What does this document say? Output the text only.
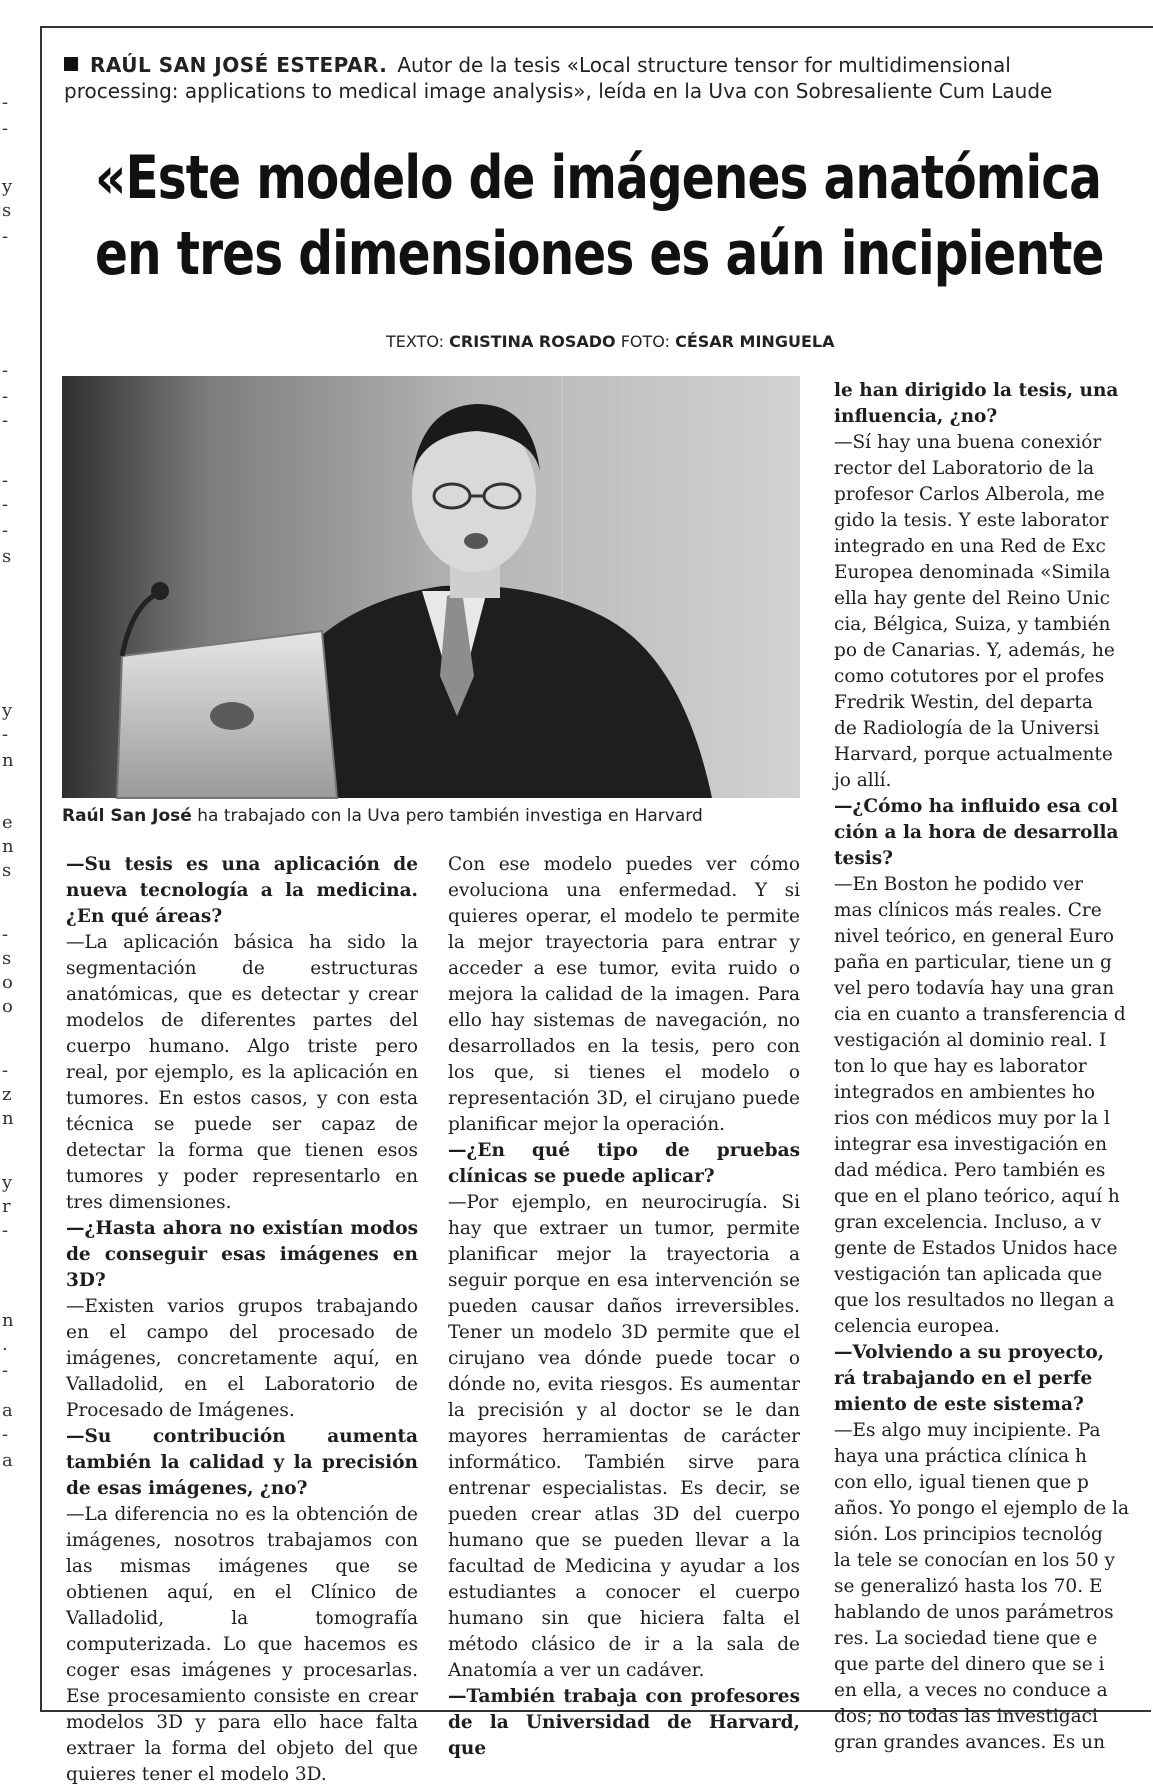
-
-
y
s
-
-
-
-
-
-
-
s
y
-
n
e
n
s
-
s
o
o
-
z
n
y
r
-
n
.
-
a
-
a
RAÚL SAN JOSÉ ESTEPAR. Autor de la tesis «Local structure tensor for multidimensional
processing: applications to medical image analysis», leída en la Uva con Sobresaliente Cum Laude
«Este modelo de imágenes anatómica
en tres dimensiones es aún incipiente
TEXTO: CRISTINA ROSADO FOTO: CÉSAR MINGUELA
Raúl San José ha trabajado con la Uva pero también investiga en Harvard

—Su tesis es una aplicación de nueva tecnología a la medicina. ¿En qué áreas?

—La aplicación básica ha sido la segmentación de estructuras anatómicas, que es detectar y crear modelos de diferentes partes del cuerpo humano. Algo triste pero real, por ejemplo, es la aplicación en tumores. En estos casos, y con esta técnica se puede ser capaz de detectar la forma que tienen esos tumores y poder representarlo en tres dimensiones.

—¿Hasta ahora no existían modos de conseguir esas imágenes en 3D?

—Existen varios grupos trabajando en el campo del procesado de imágenes, concretamente aquí, en Valladolid, en el Laboratorio de Procesado de Imágenes.

—Su contribución aumenta también la calidad y la precisión de esas imágenes, ¿no?

—La diferencia no es la obtención de imágenes, nosotros trabajamos con las mismas imágenes que se obtienen aquí, en el Clínico de Valladolid, la tomografía computerizada. Lo que hacemos es coger esas imágenes y procesarlas. Ese procesamiento consiste en crear modelos 3D y para ello hace falta extraer la forma del objeto del que quieres tener el modelo 3D.

Con ese modelo puedes ver cómo evoluciona una enfermedad. Y si quieres operar, el modelo te permite la mejor trayectoria para entrar y acceder a ese tumor, evita ruido o mejora la calidad de la imagen. Para ello hay sistemas de navegación, no desarrollados en la tesis, pero con los que, si tienes el modelo o representación 3D, el cirujano puede planificar mejor la operación.

—¿En qué tipo de pruebas clínicas se puede aplicar?

—Por ejemplo, en neurocirugía. Si hay que extraer un tumor, permite planificar mejor la trayectoria a seguir porque en esa intervención se pueden causar daños irreversibles. Tener un modelo 3D permite que el cirujano vea dónde puede tocar o dónde no, evita riesgos. Es aumentar la precisión y al doctor se le dan mayores herramientas de carácter informático. También sirve para entrenar especialistas. Es decir, se pueden crear atlas 3D del cuerpo humano que se pueden llevar a la facultad de Medicina y ayudar a los estudiantes a conocer el cuerpo humano sin que hiciera falta el método clásico de ir a la sala de Anatomía a ver un cadáver.

—También trabaja con profesores de la Universidad de Harvard, que

le han dirigido la tesis, una

influencia, ¿no?

—Sí hay una buena conexiór

rector del Laboratorio de la

profesor Carlos Alberola, me

gido la tesis. Y este laborator

integrado en una Red de Exc

Europea denominada «Simila

ella hay gente del Reino Unic

cia, Bélgica, Suiza, y también

po de Canarias. Y, además, he

como cotutores por el profes

Fredrik Westin, del departa

de Radiología de la Universi

Harvard, porque actualmente

jo allí.

—¿Cómo ha influido esa col

ción a la hora de desarrolla

tesis?

—En Boston he podido ver

mas clínicos más reales. Cre

nivel teórico, en general Euro

paña en particular, tiene un g

vel pero todavía hay una gran

cia en cuanto a transferencia d

vestigación al dominio real. I

ton lo que hay es laborator

integrados en ambientes ho

rios con médicos muy por la l

integrar esa investigación en

dad médica. Pero también es

que en el plano teórico, aquí h

gran excelencia. Incluso, a v

gente de Estados Unidos hace

vestigación tan aplicada que

que los resultados no llegan a

celencia europea.

—Volviendo a su proyecto,

rá trabajando en el perfe

miento de este sistema?

—Es algo muy incipiente. Pa

haya una práctica clínica h

con ello, igual tienen que p

años. Yo pongo el ejemplo de la

sión. Los principios tecnológ

la tele se conocían en los 50 y

se generalizó hasta los 70. E

hablando de unos parámetros

res. La sociedad tiene que e

que parte del dinero que se i

en ella, a veces no conduce a

dos; no todas las investigaci

gran grandes avances. Es un
